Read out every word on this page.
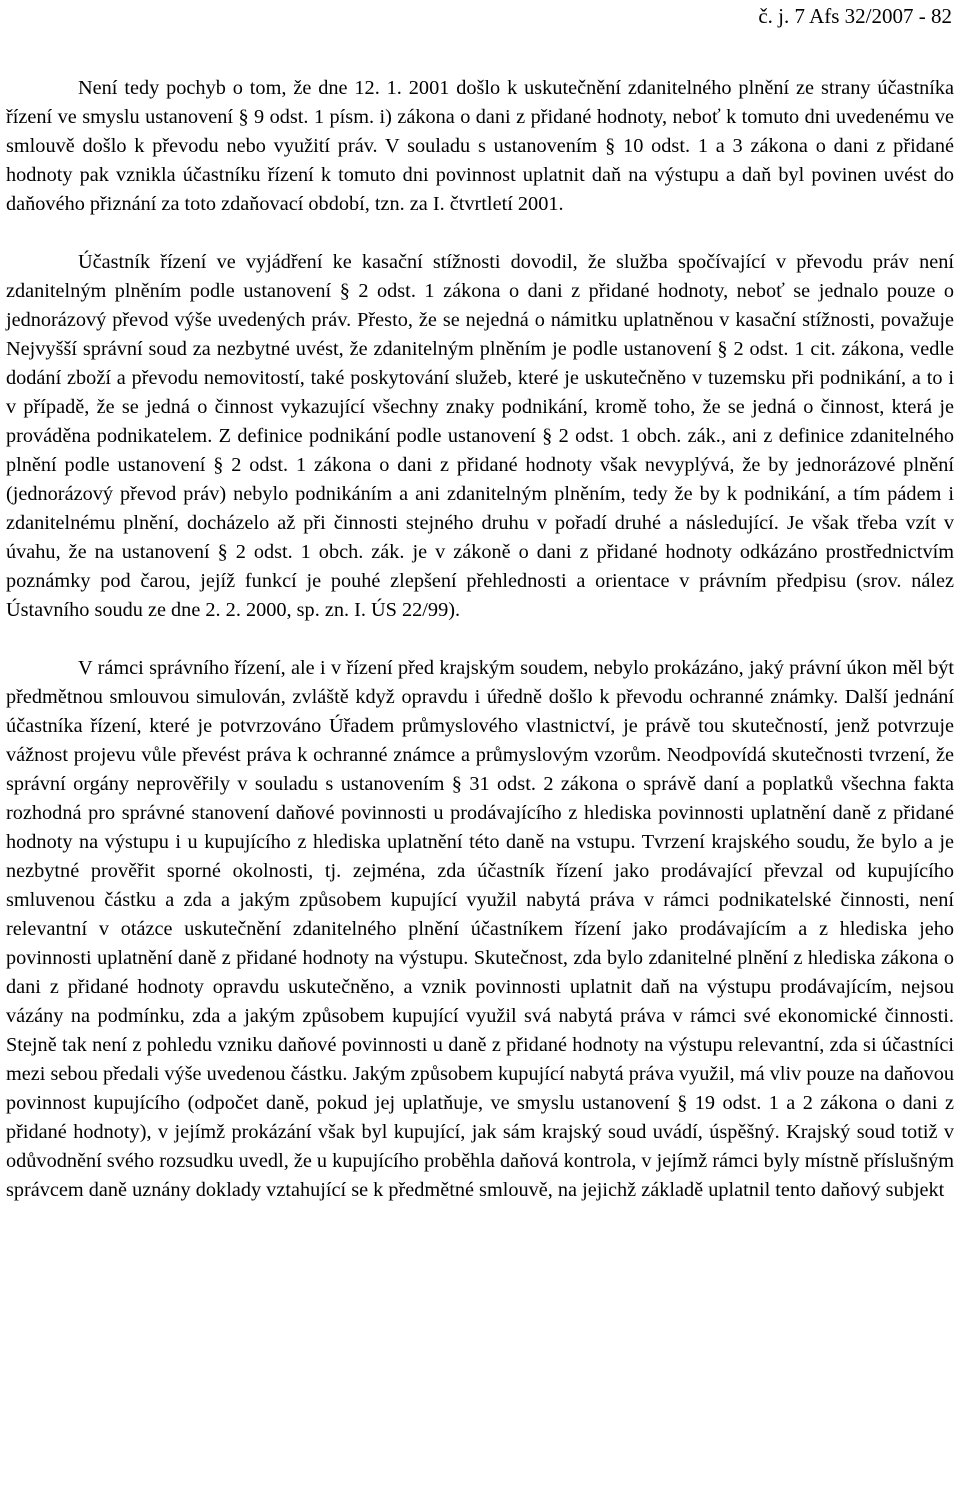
č. j. 7 Afs 32/2007 - 82

Není tedy pochyb o tom, že dne 12. 1. 2001 došlo k uskutečnění zdanitelného plnění ze strany účastníka řízení ve smyslu ustanovení § 9 odst. 1 písm. i) zákona o dani z přidané hodnoty, neboť k tomuto dni uvedenému ve smlouvě došlo k převodu nebo využití práv. V souladu s ustanovením § 10 odst. 1 a 3 zákona o dani z přidané hodnoty pak vznikla účastníku řízení k tomuto dni povinnost uplatnit daň na výstupu a daň byl povinen uvést do daňového přiznání za toto zdaňovací období, tzn. za I. čtvrtletí 2001.

Účastník řízení ve vyjádření ke kasační stížnosti dovodil, že služba spočívající v převodu práv není zdanitelným plněním podle ustanovení § 2 odst. 1 zákona o dani z přidané hodnoty, neboť se jednalo pouze o jednorázový převod výše uvedených práv. Přesto, že se nejedná o námitku uplatněnou v kasační stížnosti, považuje Nejvyšší správní soud za nezbytné uvést, že zdanitelným plněním je podle ustanovení § 2 odst. 1 cit. zákona, vedle dodání zboží a převodu nemovitostí, také poskytování služeb, které je uskutečněno v tuzemsku při podnikání, a to i v případě, že se jedná o činnost vykazující všechny znaky podnikání, kromě toho, že se jedná o činnost, která je prováděna podnikatelem. Z definice podnikání podle ustanovení § 2 odst. 1 obch. zák., ani z definice zdanitelného plnění podle ustanovení § 2 odst. 1 zákona o dani z přidané hodnoty však nevyplývá, že by jednorázové plnění (jednorázový převod práv) nebylo podnikáním a ani zdanitelným plněním, tedy že by k podnikání, a tím pádem i zdanitelnému plnění, docházelo až při činnosti stejného druhu v pořadí druhé a následující. Je však třeba vzít v úvahu, že na ustanovení § 2 odst. 1 obch. zák. je v zákoně o dani z přidané hodnoty odkázáno prostřednictvím poznámky pod čarou, jejíž funkcí je pouhé zlepšení přehlednosti a orientace v právním předpisu (srov. nález Ústavního soudu ze dne 2. 2. 2000, sp. zn. I. ÚS 22/99).

V rámci správního řízení, ale i v řízení před krajským soudem, nebylo prokázáno, jaký právní úkon měl být předmětnou smlouvou simulován, zvláště když opravdu i úředně došlo k převodu ochranné známky. Další jednání účastníka řízení, které je potvrzováno Úřadem průmyslového vlastnictví, je právě tou skutečností, jenž potvrzuje vážnost projevu vůle převést práva k ochranné známce a průmyslovým vzorům. Neodpovídá skutečnosti tvrzení, že správní orgány neprověřily v souladu s ustanovením § 31 odst. 2 zákona o správě daní a poplatků všechna fakta rozhodná pro správné stanovení daňové povinnosti u prodávajícího z hlediska povinnosti uplatnění daně z přidané hodnoty na výstupu i u kupujícího z hlediska uplatnění této daně na vstupu. Tvrzení krajského soudu, že bylo a je nezbytné prověřit sporné okolnosti, tj. zejména, zda účastník řízení jako prodávající převzal od kupujícího smluvenou částku a zda a jakým způsobem kupující využil nabytá práva v rámci podnikatelské činnosti, není relevantní v otázce uskutečnění zdanitelného plnění účastníkem řízení jako prodávajícím a z hlediska jeho povinnosti uplatnění daně z přidané hodnoty na výstupu. Skutečnost, zda bylo zdanitelné plnění z hlediska zákona o dani z přidané hodnoty opravdu uskutečněno, a vznik povinnosti uplatnit daň na výstupu prodávajícím, nejsou vázány na podmínku, zda a jakým způsobem kupující využil svá nabytá práva v rámci své ekonomické činnosti. Stejně tak není z pohledu vzniku daňové povinnosti u daně z přidané hodnoty na výstupu relevantní, zda si účastníci mezi sebou předali výše uvedenou částku. Jakým způsobem kupující nabytá práva využil, má vliv pouze na daňovou povinnost kupujícího (odpočet daně, pokud jej uplatňuje, ve smyslu ustanovení § 19 odst. 1 a 2 zákona o dani z přidané hodnoty), v jejímž prokázání však byl kupující, jak sám krajský soud uvádí, úspěšný. Krajský soud totiž v odůvodnění svého rozsudku uvedl, že u kupujícího proběhla daňová kontrola, v jejímž rámci byly místně příslušným správcem daně uznány doklady vztahující se k předmětné smlouvě, na jejichž základě uplatnil tento daňový subjekt
